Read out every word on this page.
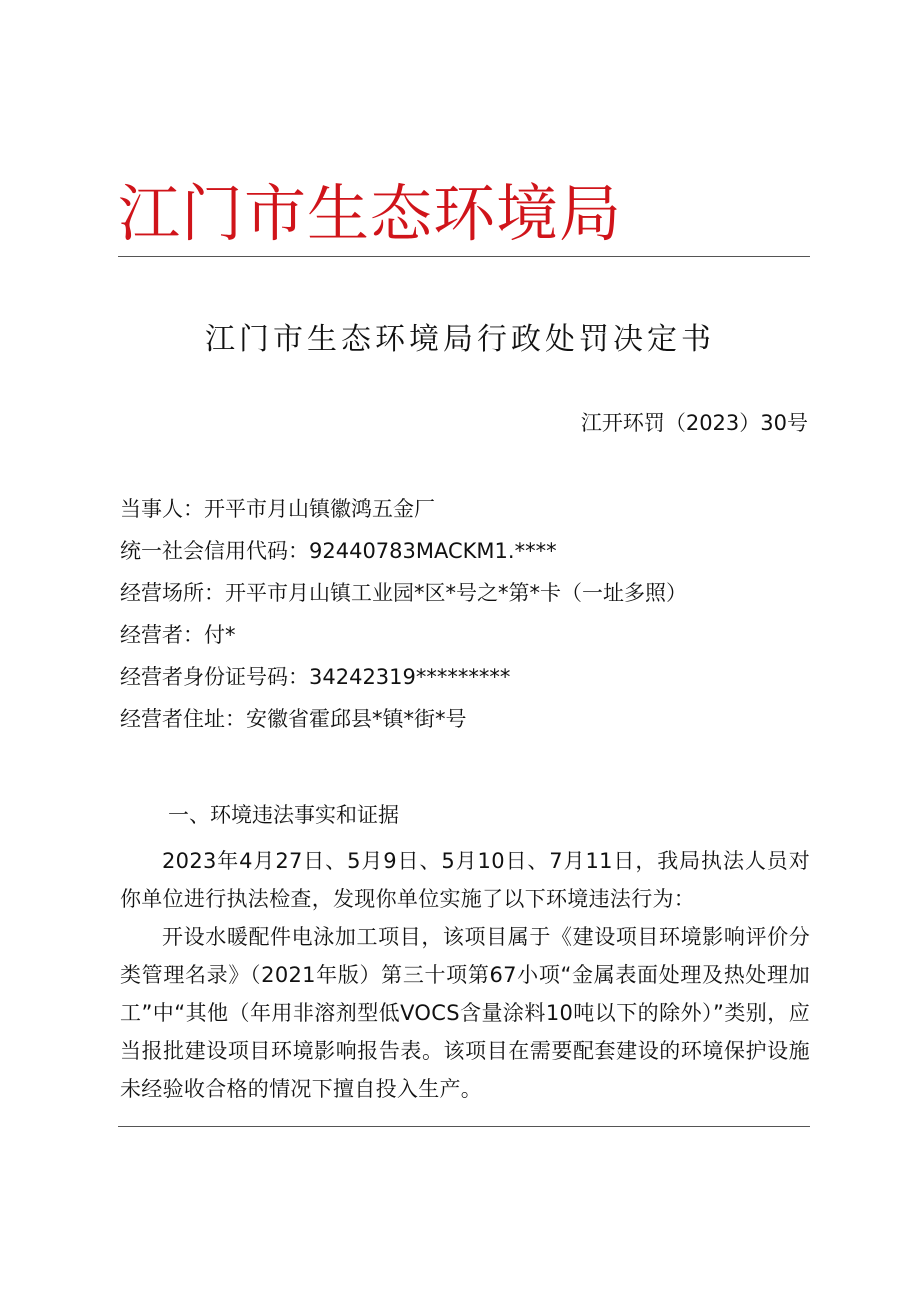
江门市生态环境局
江门市生态环境局行政处罚决定书
江开环罚（2023）30号
当事人：开平市月山镇徽鸿五金厂
统一社会信用代码：92440783MACKM1.****
经营场所：开平市月山镇工业园*区*号之*第*卡（一址多照）
经营者：付*
经营者身份证号码：34242319*********
经营者住址：安徽省霍邱县*镇*街*号
一、环境违法事实和证据

2023年4月27日、5月9日、5月10日、7月11日，我局执法人员对你单位进行执法检查，发现你单位实施了以下环境违法行为：

开设水暖配件电泳加工项目，该项目属于《建设项目环境影响评价分类管理名录》（2021年版）第三十项第67小项“金属表面处理及热处理加工”中“其他（年用非溶剂型低VOCS含量涂料10吨以下的除外）”类别，应当报批建设项目环境影响报告表。该项目在需要配套建设的环境保护设施未经验收合格的情况下擅自投入生产。
